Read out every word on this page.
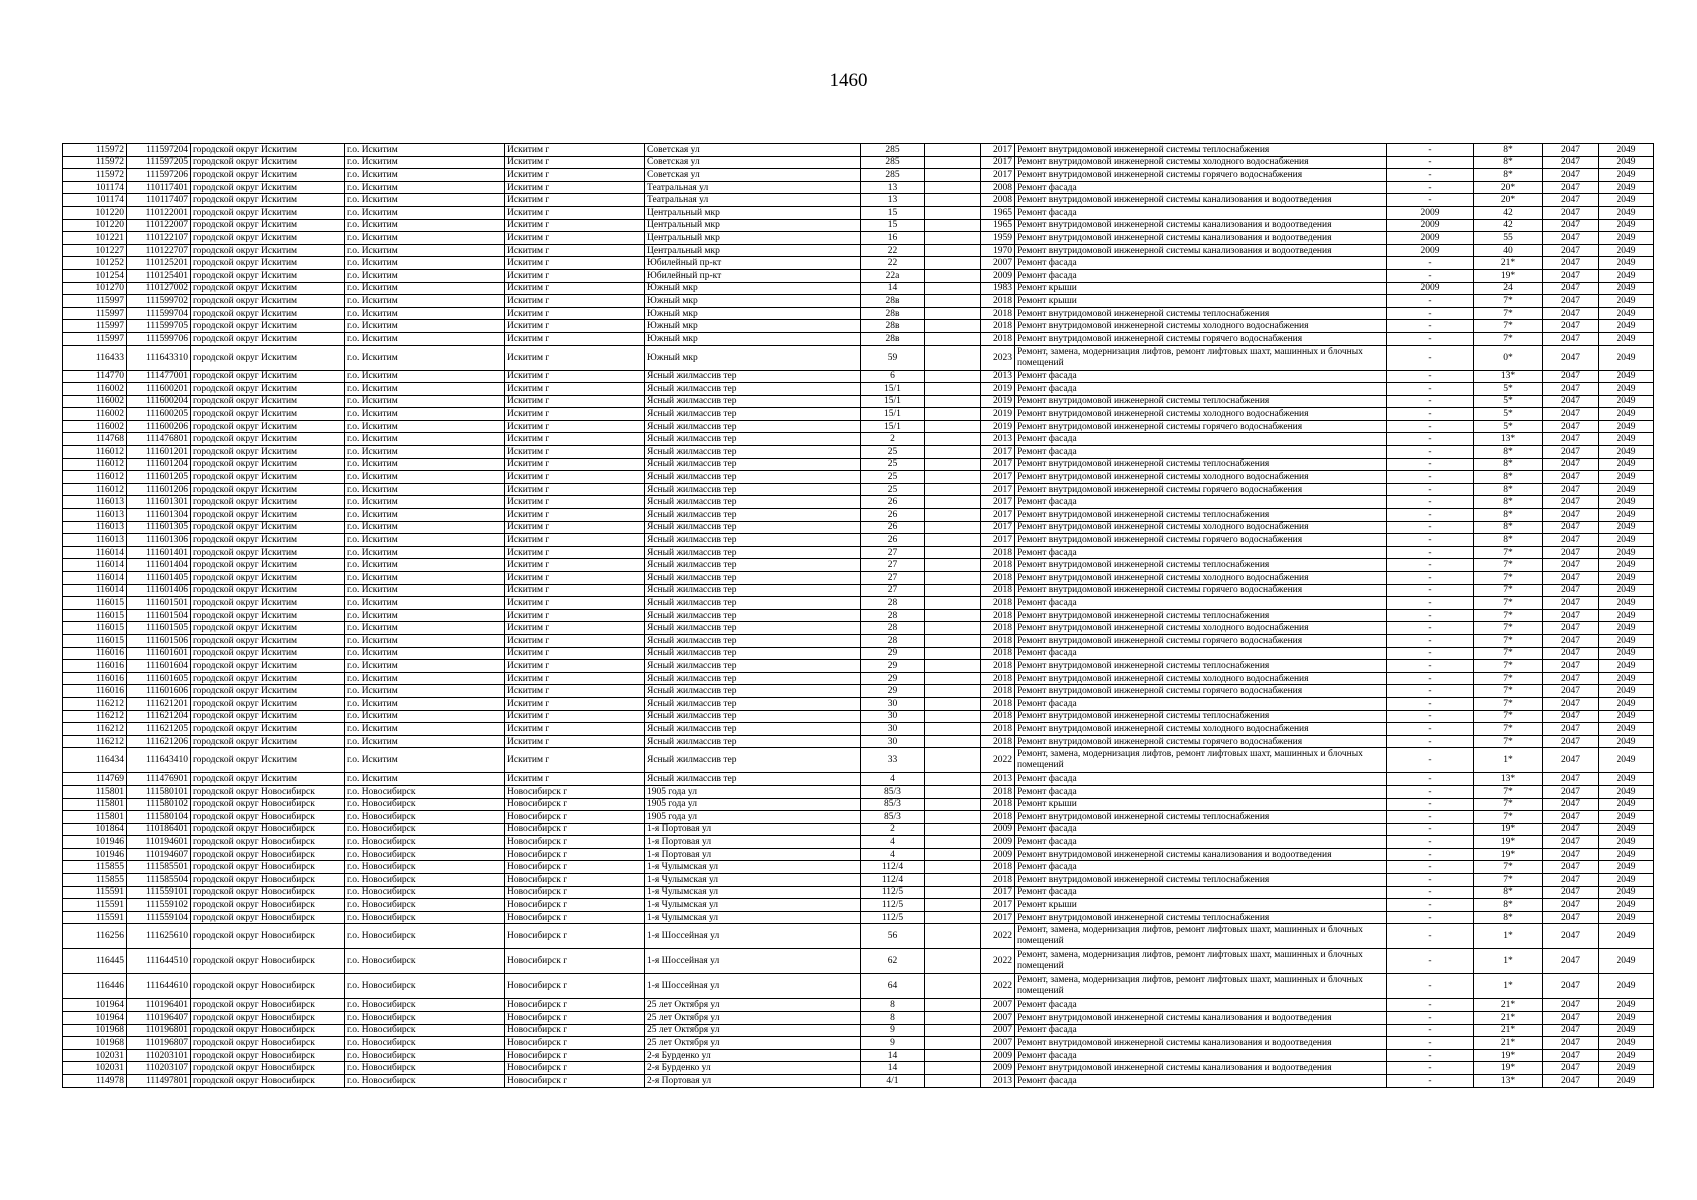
1460
115972	111597204	городской округ Искитим	г.о. Искитим	Искитим г	Советская ул	285		2017	Ремонт внутридомовой инженерной системы теплоснабжения	-	8*	2047	2049
115972	111597205	городской округ Искитим	г.о. Искитим	Искитим г	Советская ул	285		2017	Ремонт внутридомовой инженерной системы холодного водоснабжения	-	8*	2047	2049
115972	111597206	городской округ Искитим	г.о. Искитим	Искитим г	Советская ул	285		2017	Ремонт внутридомовой инженерной системы горячего водоснабжения	-	8*	2047	2049
101174	110117401	городской округ Искитим	г.о. Искитим	Искитим г	Театральная ул	13		2008	Ремонт фасада	-	20*	2047	2049
101174	110117407	городской округ Искитим	г.о. Искитим	Искитим г	Театральная ул	13		2008	Ремонт внутридомовой инженерной системы канализования и водоотведения	-	20*	2047	2049
101220	110122001	городской округ Искитим	г.о. Искитим	Искитим г	Центральный мкр	15		1965	Ремонт фасада	2009	42	2047	2049
101220	110122007	городской округ Искитим	г.о. Искитим	Искитим г	Центральный мкр	15		1965	Ремонт внутридомовой инженерной системы канализования и водоотведения	2009	42	2047	2049
101221	110122107	городской округ Искитим	г.о. Искитим	Искитим г	Центральный мкр	16		1959	Ремонт внутридомовой инженерной системы канализования и водоотведения	2009	55	2047	2049
101227	110122707	городской округ Искитим	г.о. Искитим	Искитим г	Центральный мкр	22		1970	Ремонт внутридомовой инженерной системы канализования и водоотведения	2009	40	2047	2049
101252	110125201	городской округ Искитим	г.о. Искитим	Искитим г	Юбилейный пр-кт	22		2007	Ремонт фасада	-	21*	2047	2049
101254	110125401	городской округ Искитим	г.о. Искитим	Искитим г	Юбилейный пр-кт	22а		2009	Ремонт фасада	-	19*	2047	2049
101270	110127002	городской округ Искитим	г.о. Искитим	Искитим г	Южный мкр	14		1983	Ремонт крыши	2009	24	2047	2049
115997	111599702	городской округ Искитим	г.о. Искитим	Искитим г	Южный мкр	28в		2018	Ремонт крыши	-	7*	2047	2049
115997	111599704	городской округ Искитим	г.о. Искитим	Искитим г	Южный мкр	28в		2018	Ремонт внутридомовой инженерной системы теплоснабжения	-	7*	2047	2049
115997	111599705	городской округ Искитим	г.о. Искитим	Искитим г	Южный мкр	28в		2018	Ремонт внутридомовой инженерной системы холодного водоснабжения	-	7*	2047	2049
115997	111599706	городской округ Искитим	г.о. Искитим	Искитим г	Южный мкр	28в		2018	Ремонт внутридомовой инженерной системы горячего водоснабжения	-	7*	2047	2049
116433	111643310	городской округ Искитим	г.о. Искитим	Искитим г	Южный мкр	59		2023	Ремонт, замена, модернизация лифтов, ремонт лифтовых шахт, машинных и блочных помещений	-	0*	2047	2049
114770	111477001	городской округ Искитим	г.о. Искитим	Искитим г	Ясный жилмассив тер	6		2013	Ремонт фасада	-	13*	2047	2049
116002	111600201	городской округ Искитим	г.о. Искитим	Искитим г	Ясный жилмассив тер	15/1		2019	Ремонт фасада	-	5*	2047	2049
116002	111600204	городской округ Искитим	г.о. Искитим	Искитим г	Ясный жилмассив тер	15/1		2019	Ремонт внутридомовой инженерной системы теплоснабжения	-	5*	2047	2049
116002	111600205	городской округ Искитим	г.о. Искитим	Искитим г	Ясный жилмассив тер	15/1		2019	Ремонт внутридомовой инженерной системы холодного водоснабжения	-	5*	2047	2049
116002	111600206	городской округ Искитим	г.о. Искитим	Искитим г	Ясный жилмассив тер	15/1		2019	Ремонт внутридомовой инженерной системы горячего водоснабжения	-	5*	2047	2049
114768	111476801	городской округ Искитим	г.о. Искитим	Искитим г	Ясный жилмассив тер	2		2013	Ремонт фасада	-	13*	2047	2049
116012	111601201	городской округ Искитим	г.о. Искитим	Искитим г	Ясный жилмассив тер	25		2017	Ремонт фасада	-	8*	2047	2049
116012	111601204	городской округ Искитим	г.о. Искитим	Искитим г	Ясный жилмассив тер	25		2017	Ремонт внутридомовой инженерной системы теплоснабжения	-	8*	2047	2049
116012	111601205	городской округ Искитим	г.о. Искитим	Искитим г	Ясный жилмассив тер	25		2017	Ремонт внутридомовой инженерной системы холодного водоснабжения	-	8*	2047	2049
116012	111601206	городской округ Искитим	г.о. Искитим	Искитим г	Ясный жилмассив тер	25		2017	Ремонт внутридомовой инженерной системы горячего водоснабжения	-	8*	2047	2049
116013	111601301	городской округ Искитим	г.о. Искитим	Искитим г	Ясный жилмассив тер	26		2017	Ремонт фасада	-	8*	2047	2049
116013	111601304	городской округ Искитим	г.о. Искитим	Искитим г	Ясный жилмассив тер	26		2017	Ремонт внутридомовой инженерной системы теплоснабжения	-	8*	2047	2049
116013	111601305	городской округ Искитим	г.о. Искитим	Искитим г	Ясный жилмассив тер	26		2017	Ремонт внутридомовой инженерной системы холодного водоснабжения	-	8*	2047	2049
116013	111601306	городской округ Искитим	г.о. Искитим	Искитим г	Ясный жилмассив тер	26		2017	Ремонт внутридомовой инженерной системы горячего водоснабжения	-	8*	2047	2049
116014	111601401	городской округ Искитим	г.о. Искитим	Искитим г	Ясный жилмассив тер	27		2018	Ремонт фасада	-	7*	2047	2049
116014	111601404	городской округ Искитим	г.о. Искитим	Искитим г	Ясный жилмассив тер	27		2018	Ремонт внутридомовой инженерной системы теплоснабжения	-	7*	2047	2049
116014	111601405	городской округ Искитим	г.о. Искитим	Искитим г	Ясный жилмассив тер	27		2018	Ремонт внутридомовой инженерной системы холодного водоснабжения	-	7*	2047	2049
116014	111601406	городской округ Искитим	г.о. Искитим	Искитим г	Ясный жилмассив тер	27		2018	Ремонт внутридомовой инженерной системы горячего водоснабжения	-	7*	2047	2049
116015	111601501	городской округ Искитим	г.о. Искитим	Искитим г	Ясный жилмассив тер	28		2018	Ремонт фасада	-	7*	2047	2049
116015	111601504	городской округ Искитим	г.о. Искитим	Искитим г	Ясный жилмассив тер	28		2018	Ремонт внутридомовой инженерной системы теплоснабжения	-	7*	2047	2049
116015	111601505	городской округ Искитим	г.о. Искитим	Искитим г	Ясный жилмассив тер	28		2018	Ремонт внутридомовой инженерной системы холодного водоснабжения	-	7*	2047	2049
116015	111601506	городской округ Искитим	г.о. Искитим	Искитим г	Ясный жилмассив тер	28		2018	Ремонт внутридомовой инженерной системы горячего водоснабжения	-	7*	2047	2049
116016	111601601	городской округ Искитим	г.о. Искитим	Искитим г	Ясный жилмассив тер	29		2018	Ремонт фасада	-	7*	2047	2049
116016	111601604	городской округ Искитим	г.о. Искитим	Искитим г	Ясный жилмассив тер	29		2018	Ремонт внутридомовой инженерной системы теплоснабжения	-	7*	2047	2049
116016	111601605	городской округ Искитим	г.о. Искитим	Искитим г	Ясный жилмассив тер	29		2018	Ремонт внутридомовой инженерной системы холодного водоснабжения	-	7*	2047	2049
116016	111601606	городской округ Искитим	г.о. Искитим	Искитим г	Ясный жилмассив тер	29		2018	Ремонт внутридомовой инженерной системы горячего водоснабжения	-	7*	2047	2049
116212	111621201	городской округ Искитим	г.о. Искитим	Искитим г	Ясный жилмассив тер	30		2018	Ремонт фасада	-	7*	2047	2049
116212	111621204	городской округ Искитим	г.о. Искитим	Искитим г	Ясный жилмассив тер	30		2018	Ремонт внутридомовой инженерной системы теплоснабжения	-	7*	2047	2049
116212	111621205	городской округ Искитим	г.о. Искитим	Искитим г	Ясный жилмассив тер	30		2018	Ремонт внутридомовой инженерной системы холодного водоснабжения	-	7*	2047	2049
116212	111621206	городской округ Искитим	г.о. Искитим	Искитим г	Ясный жилмассив тер	30		2018	Ремонт внутридомовой инженерной системы горячего водоснабжения	-	7*	2047	2049
116434	111643410	городской округ Искитим	г.о. Искитим	Искитим г	Ясный жилмассив тер	33		2022	Ремонт, замена, модернизация лифтов, ремонт лифтовых шахт, машинных и блочных помещений	-	1*	2047	2049
114769	111476901	городской округ Искитим	г.о. Искитим	Искитим г	Ясный жилмассив тер	4		2013	Ремонт фасада	-	13*	2047	2049
115801	111580101	городской округ Новосибирск	г.о. Новосибирск	Новосибирск г	1905 года ул	85/3		2018	Ремонт фасада	-	7*	2047	2049
115801	111580102	городской округ Новосибирск	г.о. Новосибирск	Новосибирск г	1905 года ул	85/3		2018	Ремонт крыши	-	7*	2047	2049
115801	111580104	городской округ Новосибирск	г.о. Новосибирск	Новосибирск г	1905 года ул	85/3		2018	Ремонт внутридомовой инженерной системы теплоснабжения	-	7*	2047	2049
101864	110186401	городской округ Новосибирск	г.о. Новосибирск	Новосибирск г	1-я Портовая ул	2		2009	Ремонт фасада	-	19*	2047	2049
101946	110194601	городской округ Новосибирск	г.о. Новосибирск	Новосибирск г	1-я Портовая ул	4		2009	Ремонт фасада	-	19*	2047	2049
101946	110194607	городской округ Новосибирск	г.о. Новосибирск	Новосибирск г	1-я Портовая ул	4		2009	Ремонт внутридомовой инженерной системы канализования и водоотведения	-	19*	2047	2049
115855	111585501	городской округ Новосибирск	г.о. Новосибирск	Новосибирск г	1-я Чулымская ул	112/4		2018	Ремонт фасада	-	7*	2047	2049
115855	111585504	городской округ Новосибирск	г.о. Новосибирск	Новосибирск г	1-я Чулымская ул	112/4		2018	Ремонт внутридомовой инженерной системы теплоснабжения	-	7*	2047	2049
115591	111559101	городской округ Новосибирск	г.о. Новосибирск	Новосибирск г	1-я Чулымская ул	112/5		2017	Ремонт фасада	-	8*	2047	2049
115591	111559102	городской округ Новосибирск	г.о. Новосибирск	Новосибирск г	1-я Чулымская ул	112/5		2017	Ремонт крыши	-	8*	2047	2049
115591	111559104	городской округ Новосибирск	г.о. Новосибирск	Новосибирск г	1-я Чулымская ул	112/5		2017	Ремонт внутридомовой инженерной системы теплоснабжения	-	8*	2047	2049
116256	111625610	городской округ Новосибирск	г.о. Новосибирск	Новосибирск г	1-я Шоссейная ул	56		2022	Ремонт, замена, модернизация лифтов, ремонт лифтовых шахт, машинных и блочных помещений	-	1*	2047	2049
116445	111644510	городской округ Новосибирск	г.о. Новосибирск	Новосибирск г	1-я Шоссейная ул	62		2022	Ремонт, замена, модернизация лифтов, ремонт лифтовых шахт, машинных и блочных помещений	-	1*	2047	2049
116446	111644610	городской округ Новосибирск	г.о. Новосибирск	Новосибирск г	1-я Шоссейная ул	64		2022	Ремонт, замена, модернизация лифтов, ремонт лифтовых шахт, машинных и блочных помещений	-	1*	2047	2049
101964	110196401	городской округ Новосибирск	г.о. Новосибирск	Новосибирск г	25 лет Октября ул	8		2007	Ремонт фасада	-	21*	2047	2049
101964	110196407	городской округ Новосибирск	г.о. Новосибирск	Новосибирск г	25 лет Октября ул	8		2007	Ремонт внутридомовой инженерной системы канализования и водоотведения	-	21*	2047	2049
101968	110196801	городской округ Новосибирск	г.о. Новосибирск	Новосибирск г	25 лет Октября ул	9		2007	Ремонт фасада	-	21*	2047	2049
101968	110196807	городской округ Новосибирск	г.о. Новосибирск	Новосибирск г	25 лет Октября ул	9		2007	Ремонт внутридомовой инженерной системы канализования и водоотведения	-	21*	2047	2049
102031	110203101	городской округ Новосибирск	г.о. Новосибирск	Новосибирск г	2-я Бурденко ул	14		2009	Ремонт фасада	-	19*	2047	2049
102031	110203107	городской округ Новосибирск	г.о. Новосибирск	Новосибирск г	2-я Бурденко ул	14		2009	Ремонт внутридомовой инженерной системы канализования и водоотведения	-	19*	2047	2049
114978	111497801	городской округ Новосибирск	г.о. Новосибирск	Новосибирск г	2-я Портовая ул	4/1		2013	Ремонт фасада	-	13*	2047	2049
